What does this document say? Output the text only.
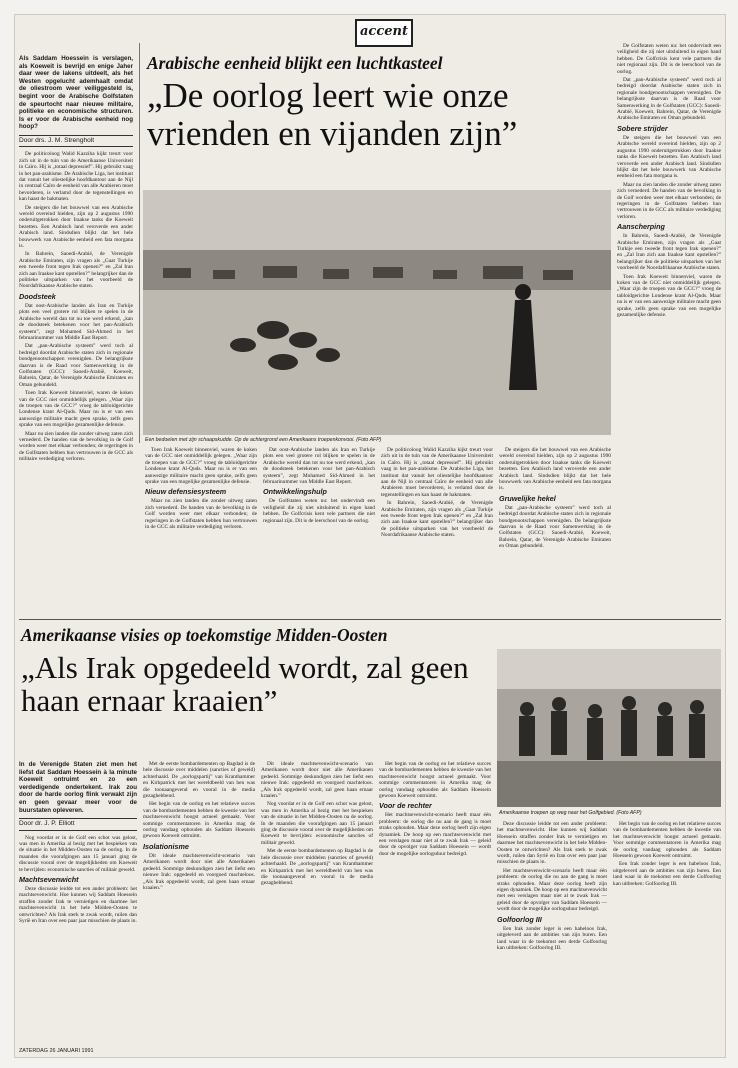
accent
Arabische eenheid blijkt een luchtkasteel
„De oorlog leert wie onze vrienden en vijanden zijn”
Als Saddam Hoessein is verslagen, als Koeweit is bevrijd en enige Jaher daar weer de lakens uitdeelt, als het Westen opgelucht ademhaalt omdat de oliestroom weer veiliggesteld is, begint voor de Arabische Golfstaten de speurtocht naar nieuwe militaire, politieke en economische structuren. Is er voor de Arabische eenheid nog hoop?
Door drs. J. M. Strengholt

De politicoloog Walid Kazziha kijkt treurt voor zich uit in de tuin van de Amerikaanse Universiteit in Caïro. Hij is „totaal depressief”. Hij gebruikt vaag in het pan-arabisme. De Arabische Liga, het instituut dat vanuit het oliestelijke hoofdkantoor aan de Nijl in centraal Caïro de eenheid van alle Arabieren moet bevorderen, is verlamd door de tegenstellingen en kan haast de hakmaten.

De steigers die het bouwwel van een Arabische wereld overeind hielden, zijn op 2 augustus 1990 onderuitgetrokken door Iraakse tanks die Koeweit bezetten. Een Arabisch land veroverde een ander Arabisch land. Sindsdien blijkt dat het hele bouwwerk van Arabische eenheid een fata morgana is.

In Bahrein, Saoedi-Arabië, de Verenigde Arabische Emiraten, zijn vragen als „Gaat Turkije een tweede front tegen Irak openen?” en „Zal Iran zich aan Iraakse kant opstellen?” belangrijker dan de politieke uitsparken van het voorbeeld de Noordafrikaanse Arabische staten.

Doodsteek

Dat oost-Arabische landen als Iran en Turkije plots een veel grotere rol blijken te spelen in de Arabische wereld dan tot nu toe werd erkend, „kan de doodsteek betekenen voor het pan-Arabisch systeem”, zegt Mohamed Sid-Ahmed in het februarinummer van Middle East Report.

Dat „pan-Arabische systeem” werd toch al bedreigd doordat Arabische staten zich in regionale bondgenootschappen verenigden. De belangrijkste daarvan is de Raad voor Samenwerking in de Golfstaten (GCC): Saoedi-Arabië, Koeweit, Bahrein, Qatar, de Verenigde Arabische Emiraten en Oman gebundeld.

Toen Irak Koeweit binnenviel, waren de koken van de GCC niet onmiddellijk gelegen. „Waar zijn de troepen van de GCC?” vroeg de tabloidgerichte Londense krant Al-Quds. Maar nu is er van een aanwezige militaire macht geen sprake, zelfs geen sprake van een mogelijke gezamenlijke defensie.

Maar nu zien landen die zonder uitweg zaten zich vernederd. De handen van de bevolking in de Golf worden weer met elkaar verbonden; de regeringen in de Golfstaten hebben hun vertrouwen in de GCC als militaire verdediging verloren.

Een bedoeïen met zijn schaapskudde. Op de achtergrond een Amerikaans troepenkonvooi. (Foto AFP)

De Golfstaten weten nu: het ondervindt een veiligheid die zij niet uitsluitend in eigen hand hebben. De Golfcrisis kent vele partners die niet regionaal zijn. Dit is de leerschool van de oorlog.

Dat „pan-Arabische systeem” werd toch al bedreigd doordat Arabische staten zich in regionale bondgenootschappen verenigden. De belangrijkste daarvan is de Raad voor Samenwerking in de Golfstaten (GCC): Saoedi-Arabië, Koeweit, Bahrein, Qatar, de Verenigde Arabische Emiraten en Oman gebundeld.

Sobere strijder

De steigers die het bouwwel van een Arabische wereld overeind hielden, zijn op 2 augustus 1990 onderuitgetrokken door Iraakse tanks die Koeweit bezetten. Een Arabisch land veroverde een ander Arabisch land. Sindsdien blijkt dat het hele bouwwerk van Arabische eenheid een fata morgana is.

Maar nu zien landen die zonder uitweg zaten zich vernederd. De handen van de bevolking in de Golf worden weer met elkaar verbonden; de regeringen in de Golfstaten hebben hun vertrouwen in de GCC als militaire verdediging verloren.

Aanscherping

In Bahrein, Saoedi-Arabië, de Verenigde Arabische Emiraten, zijn vragen als „Gaat Turkije een tweede front tegen Irak openen?” en „Zal Iran zich aan Iraakse kant opstellen?” belangrijker dan de politieke uitsparken van het voorbeeld de Noordafrikaanse Arabische staten.

Toen Irak Koeweit binnenviel, waren de koken van de GCC niet onmiddellijk gelegen. „Waar zijn de troepen van de GCC?” vroeg de tabloidgerichte Londense krant Al-Quds. Maar nu is er van een aanwezige militaire macht geen sprake, zelfs geen sprake van een mogelijke gezamenlijke defensie.

Toen Irak Koeweit binnenviel, waren de koken van de GCC niet onmiddellijk gelegen. „Waar zijn de troepen van de GCC?” vroeg de tabloidgerichte Londense krant Al-Quds. Maar nu is er van een aanwezige militaire macht geen sprake, zelfs geen sprake van een mogelijke gezamenlijke defensie.

Nieuw defensiesysteem

Maar nu zien landen die zonder uitweg zaten zich vernederd. De handen van de bevolking in de Golf worden weer met elkaar verbonden; de regeringen in de Golfstaten hebben hun vertrouwen in de GCC als militaire verdediging verloren.

Dat oost-Arabische landen als Iran en Turkije plots een veel grotere rol blijken te spelen in de Arabische wereld dan tot nu toe werd erkend, „kan de doodsteek betekenen voor het pan-Arabisch systeem”, zegt Mohamed Sid-Ahmed in het februarinummer van Middle East Report.

Ontwikkelingshulp

De Golfstaten weten nu: het ondervindt een veiligheid die zij niet uitsluitend in eigen hand hebben. De Golfcrisis kent vele partners die niet regionaal zijn. Dit is de leerschool van de oorlog.

De politicoloog Walid Kazziha kijkt treurt voor zich uit in de tuin van de Amerikaanse Universiteit in Caïro. Hij is „totaal depressief”. Hij gebruikt vaag in het pan-arabisme. De Arabische Liga, het instituut dat vanuit het oliestelijke hoofdkantoor aan de Nijl in centraal Caïro de eenheid van alle Arabieren moet bevorderen, is verlamd door de tegenstellingen en kan haast de hakmaten.

In Bahrein, Saoedi-Arabië, de Verenigde Arabische Emiraten, zijn vragen als „Gaat Turkije een tweede front tegen Irak openen?” en „Zal Iran zich aan Iraakse kant opstellen?” belangrijker dan de politieke uitsparken van het voorbeeld de Noordafrikaanse Arabische staten.

De steigers die het bouwwel van een Arabische wereld overeind hielden, zijn op 2 augustus 1990 onderuitgetrokken door Iraakse tanks die Koeweit bezetten. Een Arabisch land veroverde een ander Arabisch land. Sindsdien blijkt dat het hele bouwwerk van Arabische eenheid een fata morgana is.

Gruwelijke hekel

Dat „pan-Arabische systeem” werd toch al bedreigd doordat Arabische staten zich in regionale bondgenootschappen verenigden. De belangrijkste daarvan is de Raad voor Samenwerking in de Golfstaten (GCC): Saoedi-Arabië, Koeweit, Bahrein, Qatar, de Verenigde Arabische Emiraten en Oman gebundeld.

Amerikaanse visies op toekomstige Midden-Oosten
„Als Irak opgedeeld wordt, zal geen haan ernaar kraaien”
Amerikaanse troepen op weg naar het Golfgebied. (Foto AFP)
In de Verenigde Staten ziet men het liefst dat Saddam Hoessein à la minute Koeweit ontruimt en zo een verdedigende ondertekent. Irak zou door de harde oorlog flink verwakt zijn en geen gevaar meer voor de buurstaten opleveren.
Door dr. J. P. Elliott

Nog voordat er in de Golf een schot was gelost, was men in Amerika al bezig met het bespieken van de situatie in het Midden-Oosten na de oorlog. In de maanden die voorafgingen aan 15 januari ging de discussie vooral over de mogelijkheden om Koeweit te bevrijden: economische sancties of militair geweld.

Machtsevenwicht

Deze discussie leidde tot een ander probleem: het machtsevenwicht. Hoe kunnen wij Saddam Hoessein straffen zonder Irak te vernietigen en daarmee het machtsevenwicht in het hele Midden-Oosten te ontwrichten? Als Irak sterk te zwak wordt, ruilen dan Syrië en Iran over een paar jaar misschien de plaats in.

Met de eerste bombardementen op Bagdad is de hele discussie over middelen (sancties of geweld) achterhaald. De „oorlogspartij” van Kranthammer en Kirkpatrick met het wereldbeeld van hen was die toonaangevend en vooral in de media gezaghebbend.

Het begin van de oorlog en het relatieve succes van de bombardementen hebben de kwestie van het machtsevenwicht hoogst actueel gemaakt. Voor sommige commentatoren in Amerika mag de oorlog vandaag ophouden als Saddam Hoessein gewoon Koeweit ontruimt.

Isolationisme

Dit ideale machtsevenwicht-scenario van Amerikanen wordt door niet alle Amerikanen gedeeld. Sommige deskundigen zien het liefst een nieuwe Irak: opgedeeld en voorgoed machteloos. „Als Irak opgedeeld wordt, zal geen haan ernaar kraaien.”

Dit ideale machtsevenwicht-scenario van Amerikanen wordt door niet alle Amerikanen gedeeld. Sommige deskundigen zien het liefst een nieuwe Irak: opgedeeld en voorgoed machteloos. „Als Irak opgedeeld wordt, zal geen haan ernaar kraaien.”

Nog voordat er in de Golf een schot was gelost, was men in Amerika al bezig met het bespieken van de situatie in het Midden-Oosten na de oorlog. In de maanden die voorafgingen aan 15 januari ging de discussie vooral over de mogelijkheden om Koeweit te bevrijden: economische sancties of militair geweld.

Met de eerste bombardementen op Bagdad is de hele discussie over middelen (sancties of geweld) achterhaald. De „oorlogspartij” van Kranthammer en Kirkpatrick met het wereldbeeld van hen was die toonaangevend en vooral in de media gezaghebbend.

Het begin van de oorlog en het relatieve succes van de bombardementen hebben de kwestie van het machtsevenwicht hoogst actueel gemaakt. Voor sommige commentatoren in Amerika mag de oorlog vandaag ophouden als Saddam Hoessein gewoon Koeweit ontruimt.

Voor de rechter

Het machtsevenwicht-scenario heeft maar één probleem: de oorlog die nu aan de gang is moet straks ophouden. Maar deze oorlog heeft zijn eigen dynamiek. De hoop op een machtsevenwicht met een verslagen maar niet al te zwak Irak — geleid door de opvolger van Saddam Hoessein — wordt door de mogelijke oorlogsduur bedreigd.

Deze discussie leidde tot een ander probleem: het machtsevenwicht. Hoe kunnen wij Saddam Hoessein straffen zonder Irak te vernietigen en daarmee het machtsevenwicht in het hele Midden-Oosten te ontwrichten? Als Irak sterk te zwak wordt, ruilen dan Syrië en Iran over een paar jaar misschien de plaats in.

Het machtsevenwicht-scenario heeft maar één probleem: de oorlog die nu aan de gang is moet straks ophouden. Maar deze oorlog heeft zijn eigen dynamiek. De hoop op een machtsevenwicht met een verslagen maar niet al te zwak Irak — geleid door de opvolger van Saddam Hoessein — wordt door de mogelijke oorlogsduur bedreigd.

Golfoorlog III

Een Irak zonder leger is een habeloos Irak, uitgeleverd aan de ambities van zijn buren. Een land waar in de toekomst een derde Golfoorlog kan uitbreken: Golfoorlog III.

Het begin van de oorlog en het relatieve succes van de bombardementen hebben de kwestie van het machtsevenwicht hoogst actueel gemaakt. Voor sommige commentatoren in Amerika mag de oorlog vandaag ophouden als Saddam Hoessein gewoon Koeweit ontruimt.

Een Irak zonder leger is een habeloos Irak, uitgeleverd aan de ambities van zijn buren. Een land waar in de toekomst een derde Golfoorlog kan uitbreken: Golfoorlog III.

ZATERDAG 26 JANUARI 1991
